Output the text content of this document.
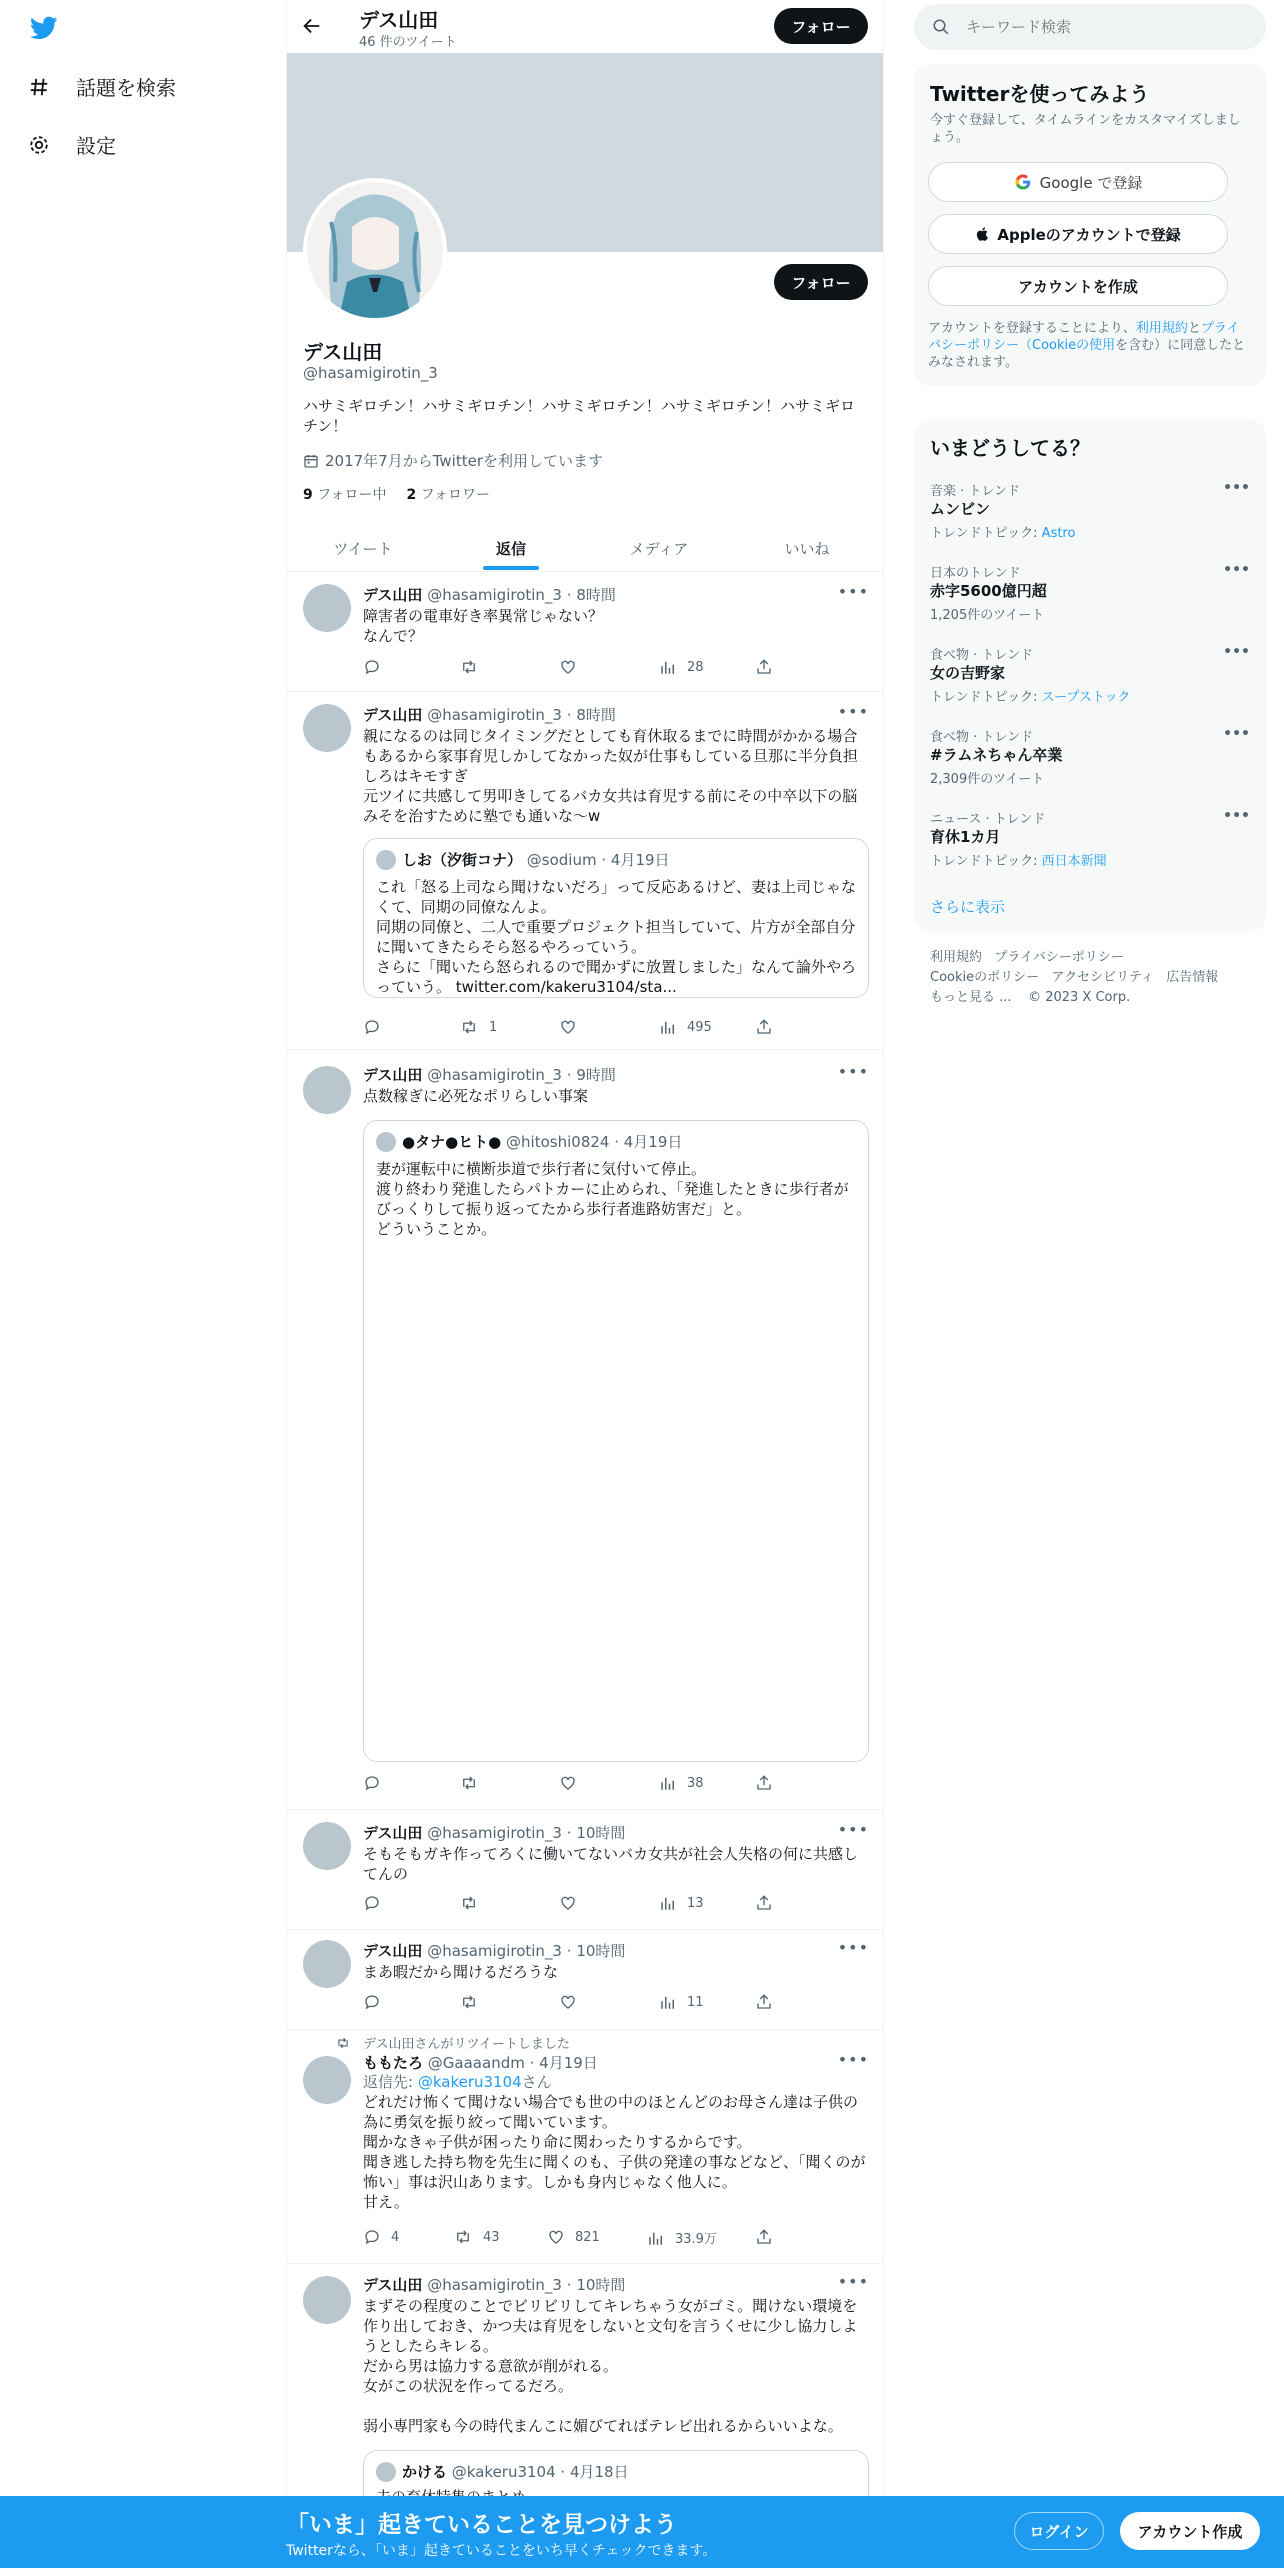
話題を検索
設定
デス山田
46 件のツイート
フォロー
フォロー
デス山田
@hasamigirotin_3
ハサミギロチン！ハサミギロチン！ハサミギロチン！ハサミギロチン！ハサミギロチン！
2017年7月からTwitterを利用しています
9 フォロー中 2 フォロワー
ツイート	返信	メディア	いいね
デス山田 @hasamigirotin_3 · 8時間	•••
障害者の電車好き率異常じゃない？
なんで？
28
デス山田 @hasamigirotin_3 · 8時間	•••
親になるのは同じタイミングだとしても育休取るまでに時間がかかる場合もあるから家事育児しかしてなかった奴が仕事もしている旦那に半分負担しろはキモすぎ
元ツイに共感して男叩きしてるバカ女共は育児する前にその中卒以下の脳みそを治すために塾でも通いな〜w
しお（汐街コナ）
@sodium · 4月19日
これ「怒る上司なら聞けないだろ」って反応あるけど、妻は上司じゃなくて、同期の同僚なんよ。
同期の同僚と、二人で重要プロジェクト担当していて、片方が全部自分に聞いてきたらそら怒るやろっていう。
さらに「聞いたら怒られるので聞かずに放置しました」なんて論外やろっていう。 twitter.com/kakeru3104/sta...
1	495
デス山田 @hasamigirotin_3 · 9時間	•••
点数稼ぎに必死なポリらしい事案
●タナ●ヒト●
@hitoshi0824 · 4月19日
妻が運転中に横断歩道で歩行者に気付いて停止。
渡り終わり発進したらパトカーに止められ、「発進したときに歩行者がびっくりして振り返ってたから歩行者進路妨害だ」と。
どういうことか。
38
デス山田 @hasamigirotin_3 · 10時間	•••
そもそもガキ作ってろくに働いてないバカ女共が社会人失格の何に共感してんの
13
デス山田 @hasamigirotin_3 · 10時間	•••
まあ暇だから聞けるだろうな
11
デス山田さんがリツイートしました
ももたろ @Gaaaandm · 4月19日	•••
返信先: @kakeru3104さん
どれだけ怖くて聞けない場合でも世の中のほとんどのお母さん達は子供の為に勇気を振り絞って聞いています。
聞かなきゃ子供が困ったり命に関わったりするからです。
聞き逃した持ち物を先生に聞くのも、子供の発達の事などなど、「聞くのが怖い」事は沢山あります。しかも身内じゃなく他人に。
甘え。
4	43	821	33.9万
デス山田 @hasamigirotin_3 · 10時間	•••
まずその程度のことでビリビリしてキレちゃう女がゴミ。聞けない環境を作り出しておき、かつ夫は育児をしないと文句を言うくせに少し協力しようとしたらキレる。
だから男は協力する意欲が削がれる。
女がこの状況を作ってるだろ。

弱小専門家も今の時代まんこに媚びてればテレビ出れるからいいよな。
かける
@kakeru3104 · 4月18日
キーワード検索
Twitterを使ってみよう
今すぐ登録して、タイムラインをカスタマイズしましょう。
Google で登録
Appleのアカウントで登録
アカウントを作成
アカウントを登録することにより、利用規約とプライバシーポリシー（Cookieの使用を含む）に同意したとみなされます。
いまどうしてる？
音楽 · トレンド
ムンビン
トレンドトピック: Astro
•••
日本のトレンド
赤字5600億円超
1,205件のツイート
•••
食べ物 · トレンド
女の吉野家
トレンドトピック: スープストック
•••
食べ物 · トレンド
#ラムネちゃん卒業
2,309件のツイート
•••
ニュース · トレンド
育休1カ月
トレンドトピック: 西日本新聞
•••
さらに表示
利用規約 プライバシーポリシー
Cookieのポリシー アクセシビリティ 広告情報
もっと見る ... © 2023 X Corp.
「いま」起きていることを見つけよう
Twitterなら、「いま」起きていることをいち早くチェックできます。
ログイン	アカウント作成
